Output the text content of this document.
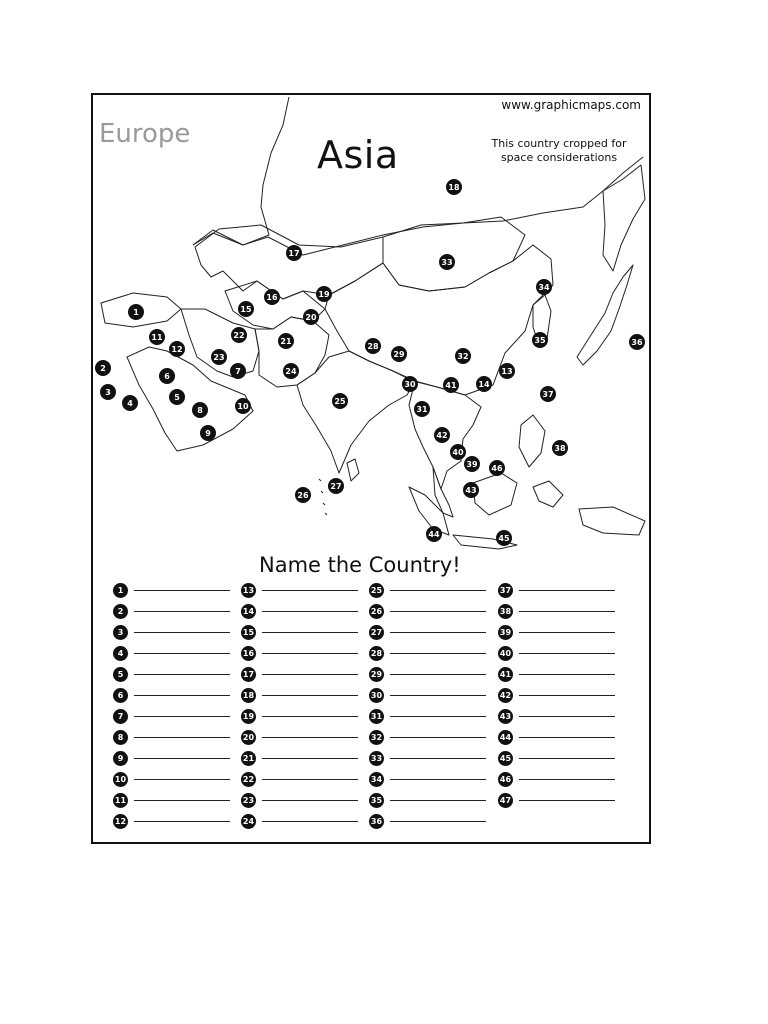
1
2
3
4
5
6
7
8
9
10
11
12
13
14
15
16
17
18
19
20
21
22
23
24
25
26
27
28
29
30
31
32
33
34
35	36
37
38
39
40
41
42
43
44	45
46
www.graphicmaps.com
Europe	Asia	This country cropped for
space considerations
Name the Country!
1
2
3
4
5
6
7
8
9
10
11
12
13
14
15
16
17
18
19
20
21
22
23
24
25
26
27
28
29
30
31
32
33
34
35
36
37
38
39
40
41
42
43
44
45
46
47
